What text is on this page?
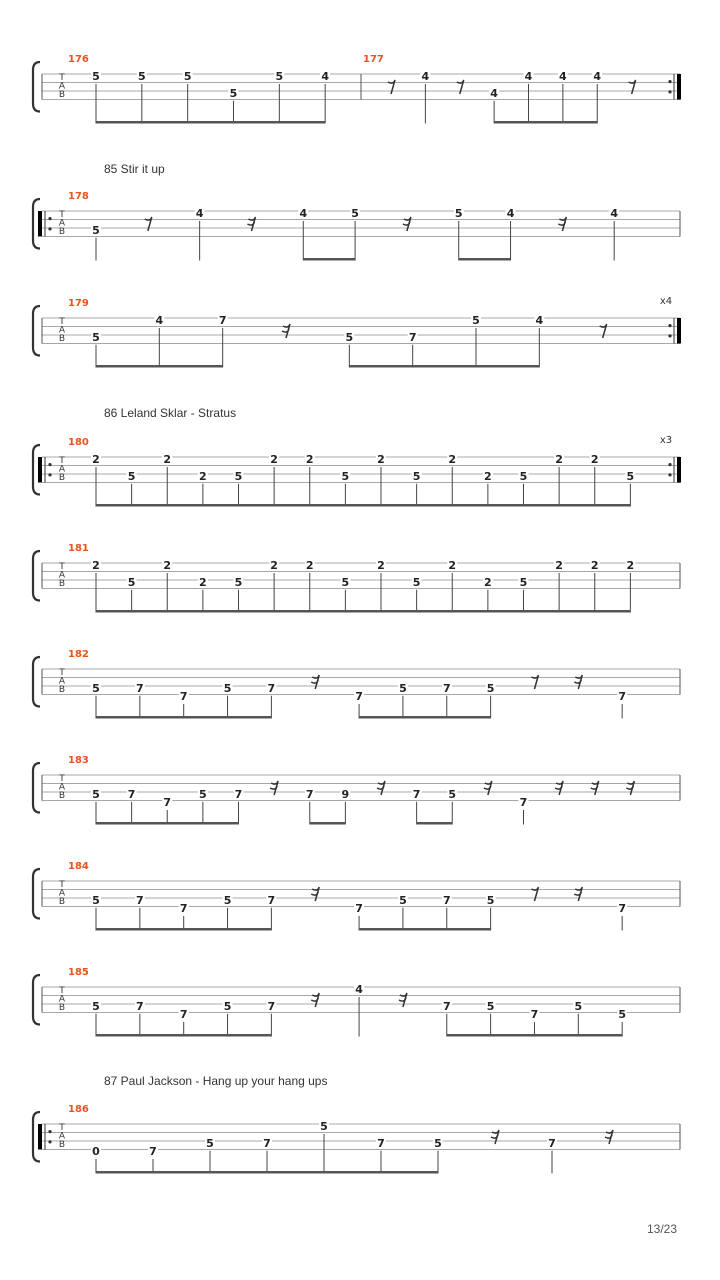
85 Stir it up
86 Leland Sklar - Stratus
87 Paul Jackson - Hang up your hang ups
T
A
B
176
5	5	5
5
5	4
177
4
4
4 4 4
T
A
B
178
5
4	4	5	5	4	4
T
A
B
x4
179
5
4	7
5	7
5	4
T
A
B
x3
180
2
5
2
2	5
2	2
5
2
5
2
2	5
2	2
5
T
A
B
181
2
5
2
2	5
2	2
5
2
5
2
2	5
2	2	2
T
A
B
182
5	7
7
5	7
7
5	7	5
7
T
A
B
183
5	7
7
5	7	7	9	7	5
7
T
A
B
184
5	7
7
5	7
7
5	7	5
7
T
A
B
185
5	7
7
5	7
4
7	5
7
5
5
T
A
B
186
0	7
5	7
5
7	5	7
13/23
